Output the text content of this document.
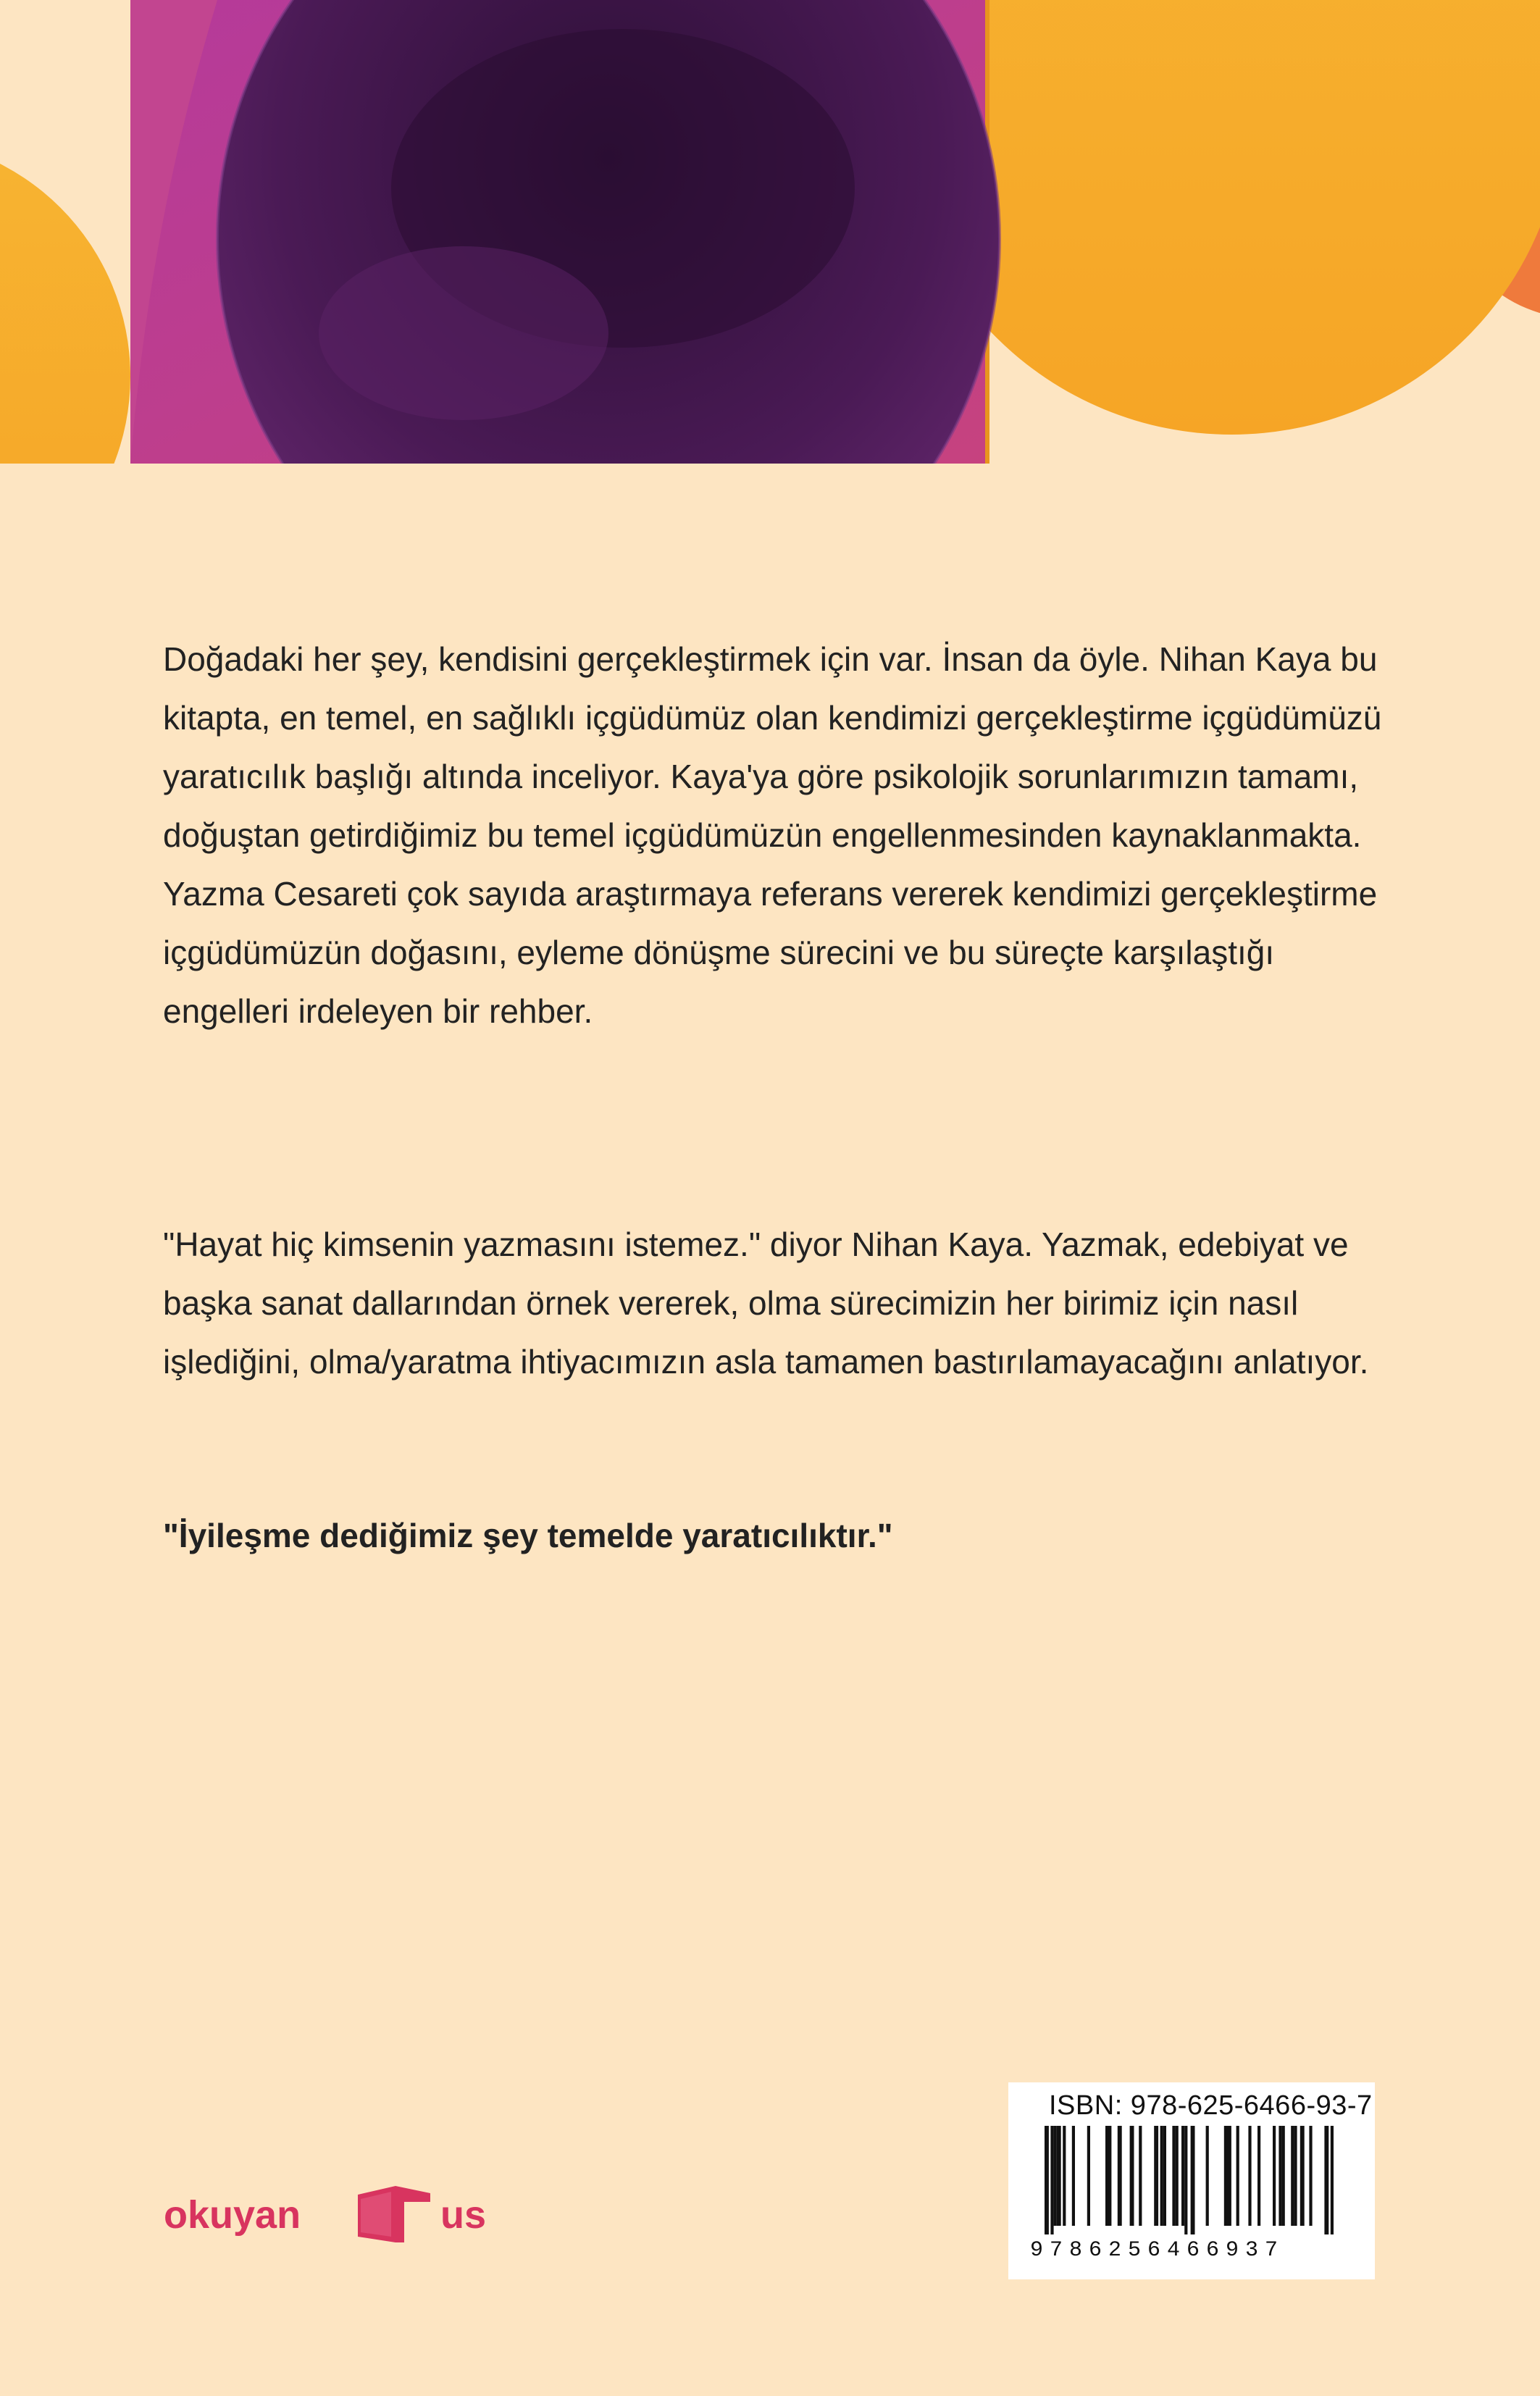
Doğadaki her şey, kendisini gerçekleştirmek için var. İnsan da öyle. Nihan Kaya bu kitapta, en temel, en sağlıklı içgüdümüz olan kendimizi gerçekleştirme içgüdümüzü yaratıcılık başlığı altında inceliyor. Kaya'ya göre psikolojik sorunlarımızın tamamı, doğuştan getirdiğimiz bu temel içgüdümüzün engellenmesinden kaynaklanmakta. Yazma Cesareti çok sayıda araştırmaya referans vererek kendimizi gerçekleştirme içgüdümüzün doğasını, eyleme dönüşme sürecini ve bu süreçte karşılaştığı engelleri irdeleyen bir rehber.

"Hayat hiç kimsenin yazmasını istemez." diyor Nihan Kaya. Yazmak, edebiyat ve başka sanat dallarından örnek vererek, olma sürecimizin her birimiz için nasıl işlediğini, olma/yaratma ihtiyacımızın asla tamamen bastırılamayacağını anlatıyor.

"İyileşme dediğimiz şey temelde yaratıcılıktır."

okuyan	us
ISBN: 978-625-6466-93-7
9786256466937
